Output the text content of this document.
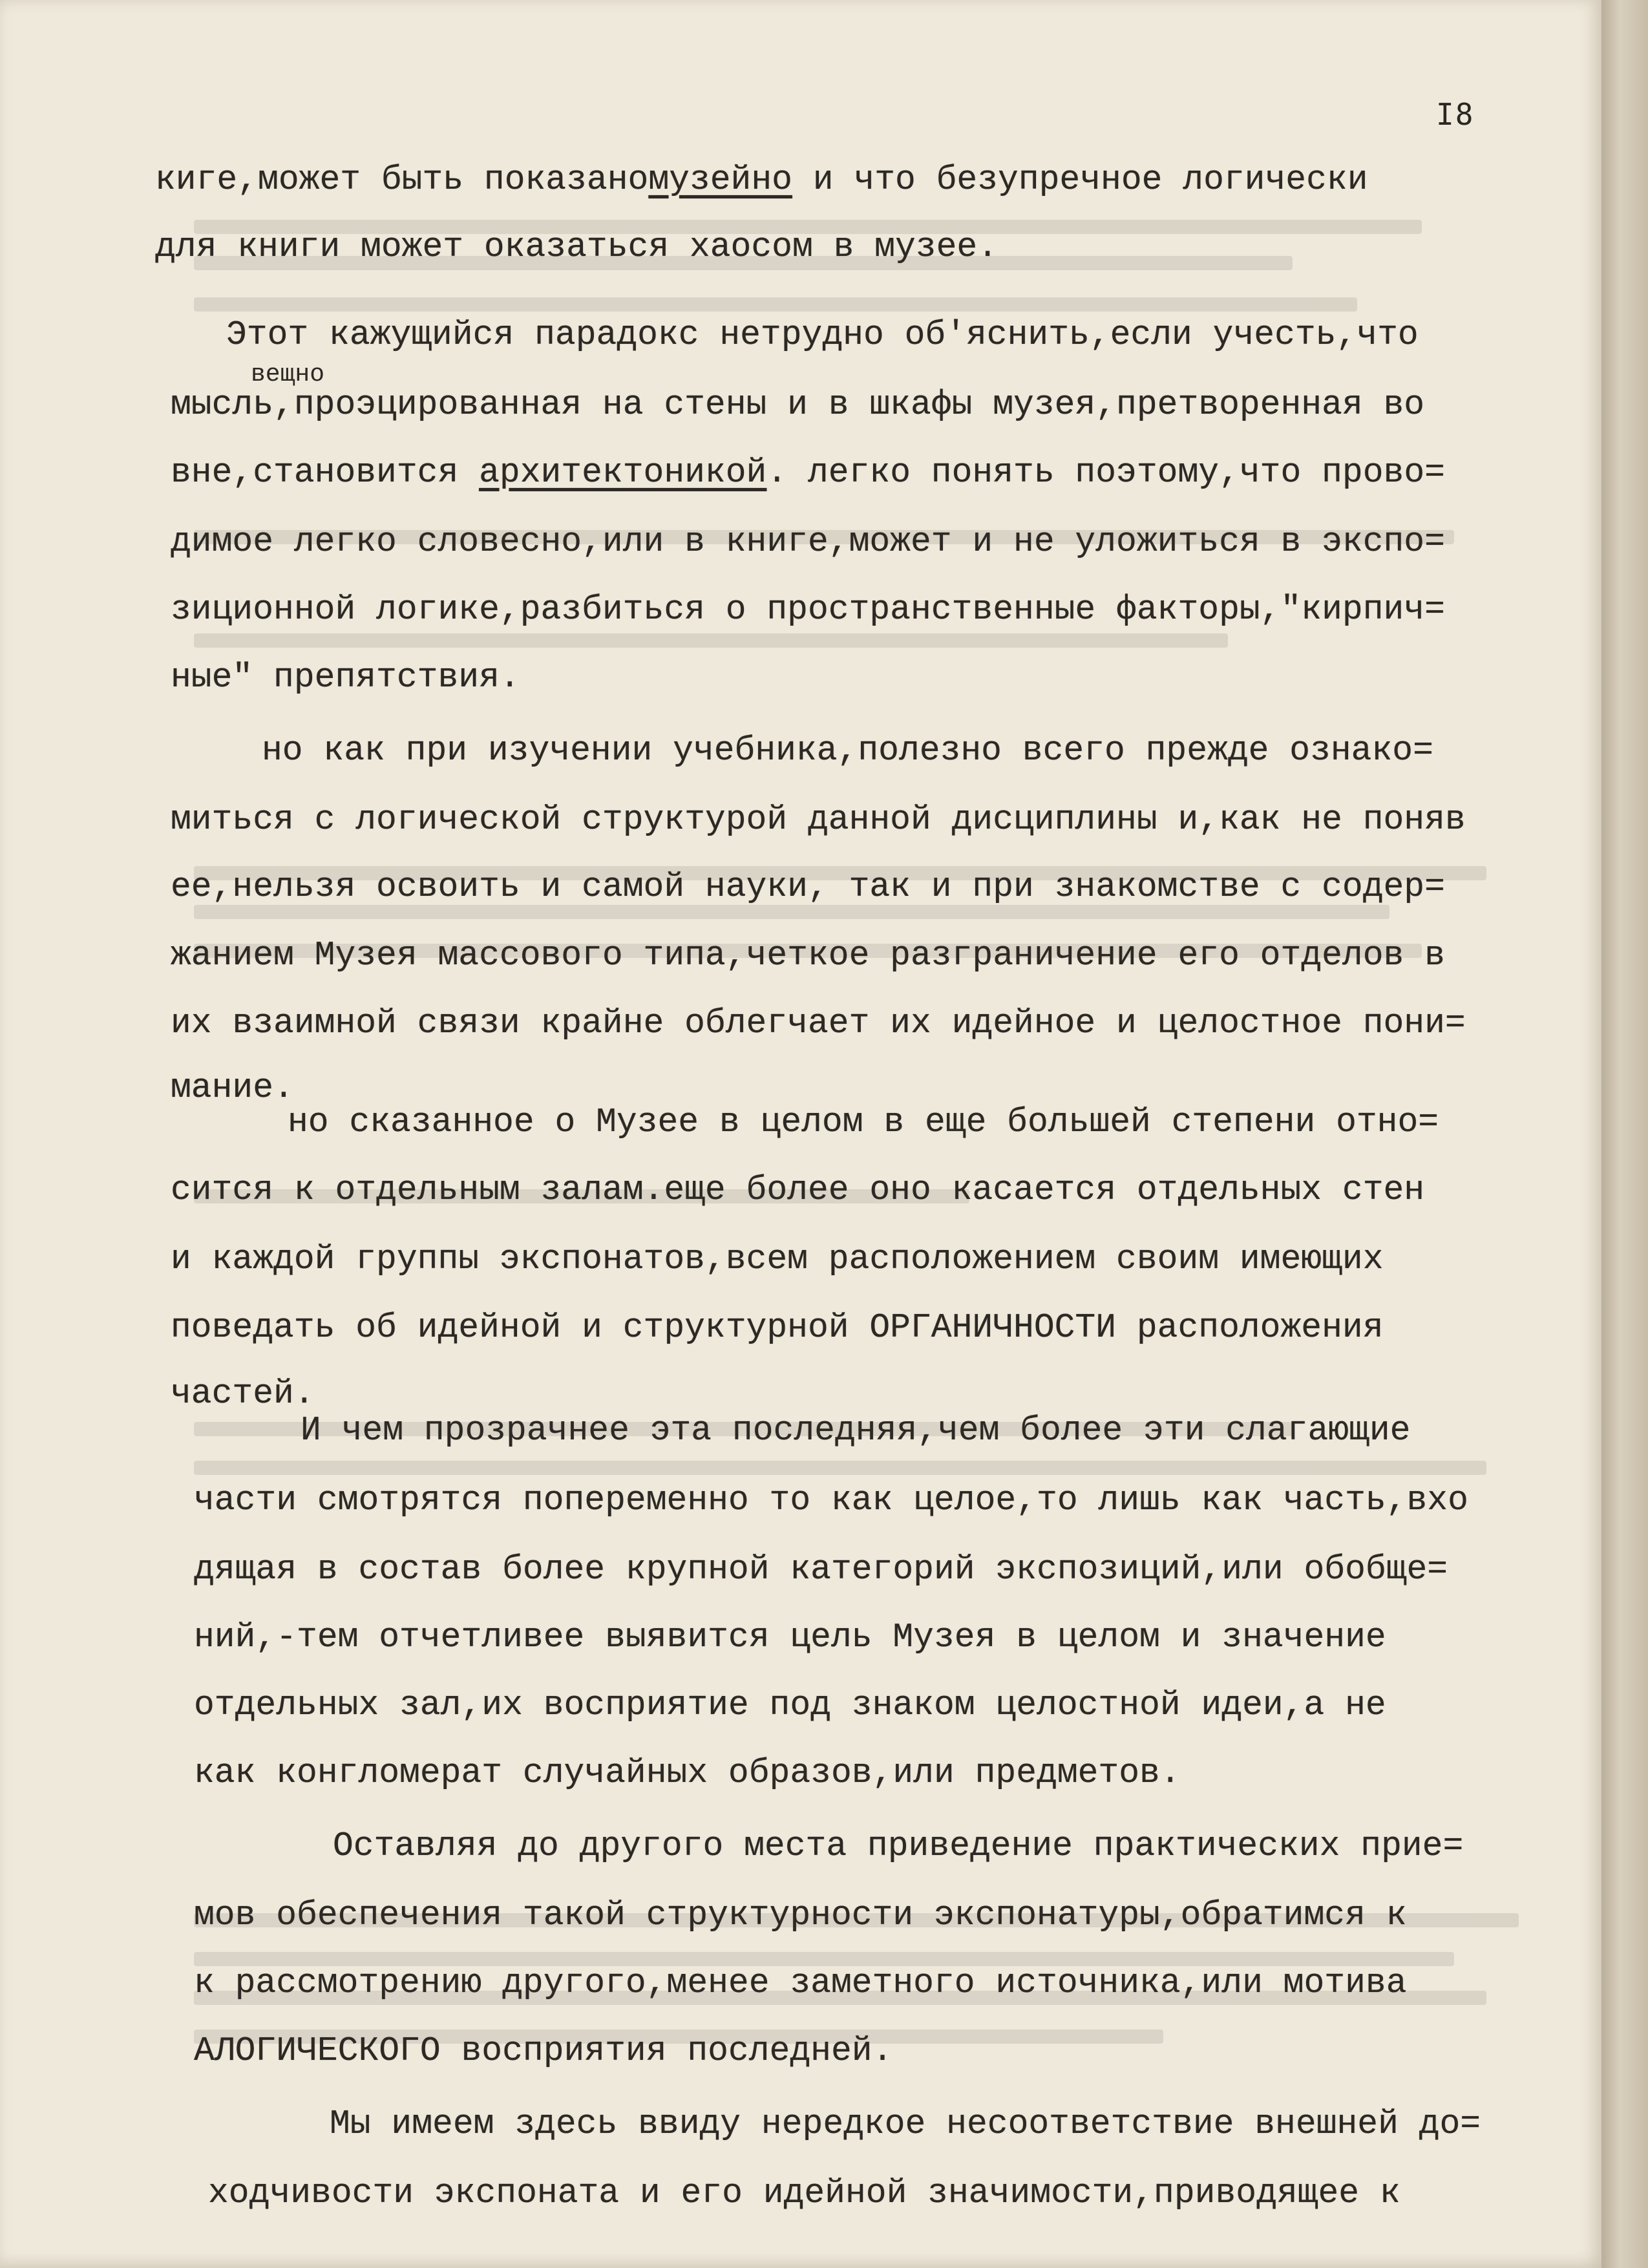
I8
вещно
киге,может быть показаномузейно и что безупречное логически
для книги может оказаться хаосом в музее.
Этот кажущийся парадокс нетрудно об'яснить,если учесть,что
мысль,проэцированная на стены и в шкафы музея,претворенная во
вне,становится архитектоникой. легко понять поэтому,что прово=
димое легко словесно,или в книге,может и не уложиться в экспо=
зиционной логике,разбиться о пространственные факторы,"кирпич=
ные" препятствия.
но как при изучении учебника,полезно всего прежде ознако=
миться с логической структурой данной дисциплины и,как не поняв
ее,нельзя освоить и самой науки, так и при знакомстве с содер=
жанием Музея массового типа,четкое разграничение его отделов в
их взаимной связи крайне облегчает их идейное и целостное пони=
мание.
но сказанное о Музее в целом в еще большей степени отно=
сится к отдельным залам.еще более оно касается отдельных стен
и каждой группы экспонатов,всем расположением своим имеющих
поведать об идейной и структурной ОРГАНИЧНОСТИ расположения
частей.
И чем прозрачнее эта последняя,чем более эти слагающие
части смотрятся попеременно то как целое,то лишь как часть,вхо
дящая в состав более крупной категорий экспозиций,или обобще=
ний,-тем отчетливее выявится цель Музея в целом и значение
отдельных зал,их восприятие под знаком целостной идеи,а не
как конгломерат случайных образов,или предметов.
Оставляя до другого места приведение практических прие=
мов обеспечения такой структурности экспонатуры,обратимся к
к рассмотрению другого,менее заметного источника,или мотива
АЛОГИЧЕСКОГО восприятия последней.
Мы имеем здесь ввиду нередкое несоответствие внешней до=
ходчивости экспоната и его идейной значимости,приводящее к
